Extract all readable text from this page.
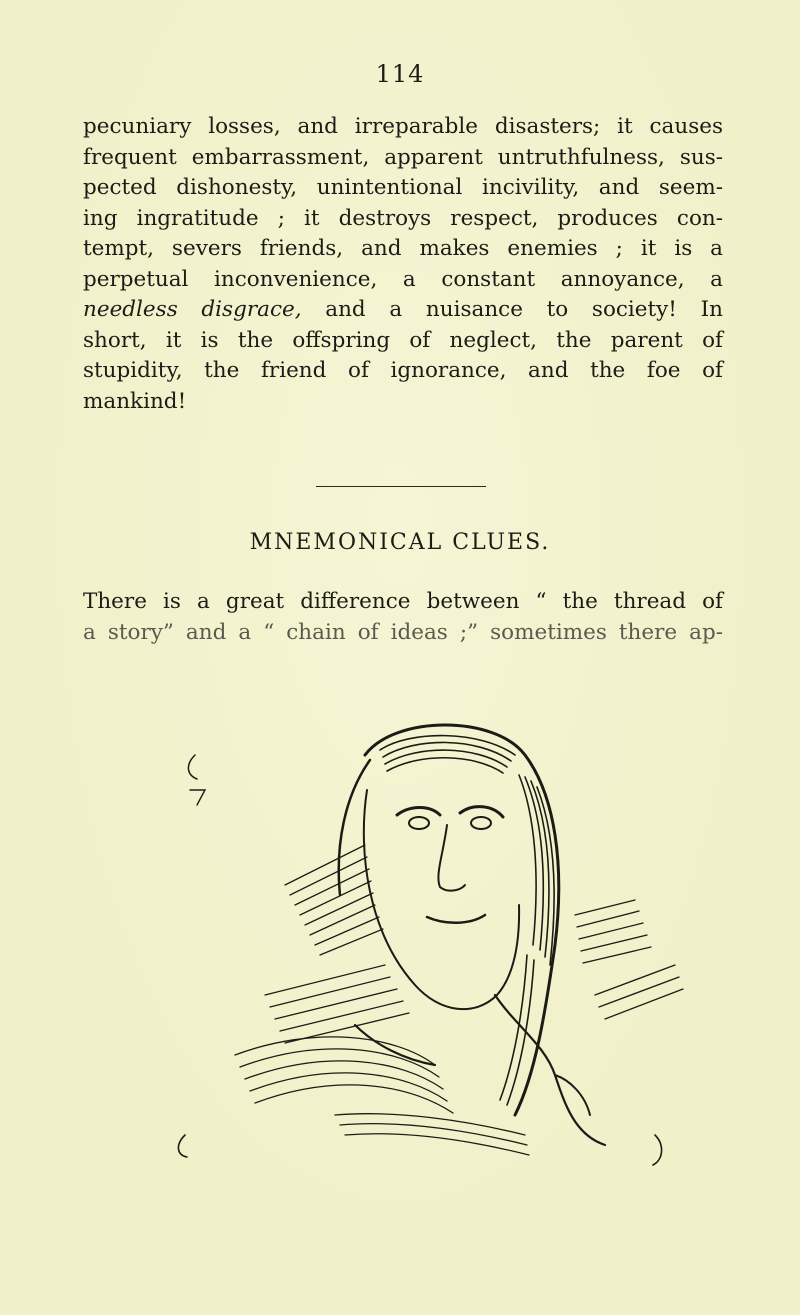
114
pecuniary losses, and irreparable disasters; it causes
frequent embarrassment, apparent untruthfulness, sus-
pected dishonesty, unintentional incivility, and seem-
ing ingratitude ; it destroys respect, produces con-
tempt, severs friends, and makes enemies ; it is a
perpetual inconvenience, a constant annoyance, a
needless disgrace, and a nuisance to society! In
short, it is the offspring of neglect, the parent of
stupidity, the friend of ignorance, and the foe of
mankind!
MNEMONICAL CLUES.
There is a great difference between “ the thread of
a story” and a “ chain of ideas ;” sometimes there ap-
